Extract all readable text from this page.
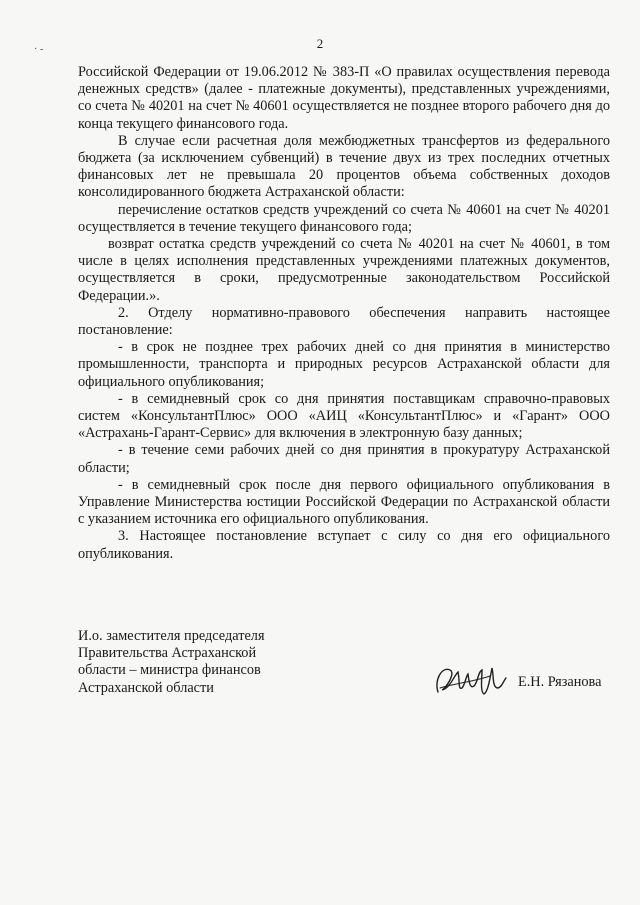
2
· -

Российской Федерации от 19.06.2012 № 383-П «О правилах осуществления перевода денежных средств» (далее - платежные документы), представленных учреждениями, со счета № 40201 на счет № 40601 осуществляется не позднее второго рабочего дня до конца текущего финансового года.

В случае если расчетная доля межбюджетных трансфертов из федерального бюджета (за исключением субвенций) в течение двух из трех последних отчетных финансовых лет не превышала 20 процентов объема собственных доходов консолидированного бюджета Астраханской области:

перечисление остатков средств учреждений со счета № 40601 на счет № 40201 осуществляется в течение текущего финансового года;

возврат остатка средств учреждений со счета № 40201 на счет № 40601, в том числе в целях исполнения представленных учреждениями платежных документов, осуществляется в сроки, предусмотренные законодательством Российской Федерации.».

2. Отделу нормативно-правового обеспечения направить настоящее постановление:

- в срок не позднее трех рабочих дней со дня принятия в министерство промышленности, транспорта и природных ресурсов Астраханской области для официального опубликования;

- в семидневный срок со дня принятия поставщикам справочно-правовых систем «КонсультантПлюс» ООО «АИЦ «КонсультантПлюс» и «Гарант» ООО «Астрахань-Гарант-Сервис» для включения в электронную базу данных;

- в течение семи рабочих дней со дня принятия в прокуратуру Астраханской области;

- в семидневный срок после дня первого официального опубликования в Управление Министерства юстиции Российской Федерации по Астраханской области с указанием источника его официального опубликования.

3. Настоящее постановление вступает с силу со дня его официального опубликования.

И.о. заместителя председателя
Правительства Астраханской
области – министра финансов
Астраханской области	Е.Н. Рязанова
